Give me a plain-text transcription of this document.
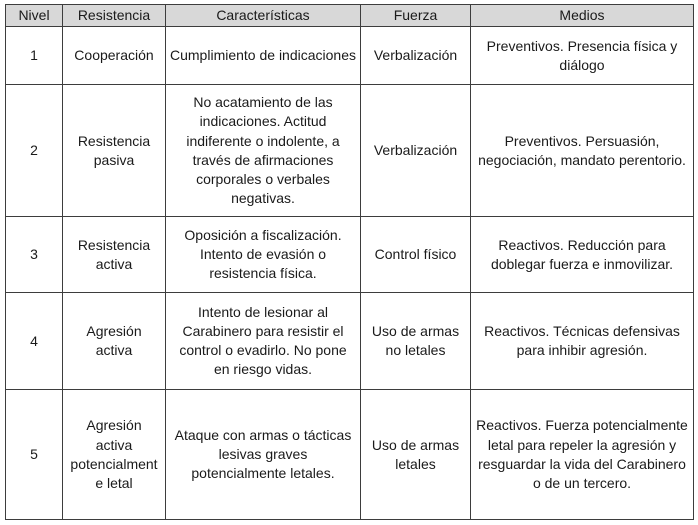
Nivel	Resistencia	Características	Fuerza	Medios
1	Cooperación	Cumplimiento de indicaciones	Verbalización	Preventivos. Presencia física y diálogo
2	Resistencia pasiva	No acatamiento de las indicaciones. Actitud indiferente o indolente, a través de afirmaciones corporales o verbales negativas.	Verbalización	Preventivos. Persuasión, negociación, mandato perentorio.
3	Resistencia activa	Oposición a fiscalización. Intento de evasión o resistencia física.	Control físico	Reactivos. Reducción para doblegar fuerza e inmovilizar.
4	Agresión activa	Intento de lesionar al Carabinero para resistir el control o evadirlo. No pone en riesgo vidas.	Uso de armas no letales	Reactivos. Técnicas defensivas para inhibir agresión.
5	Agresión activa potencialmente letal	Ataque con armas o tácticas lesivas graves potencialmente letales.	Uso de armas letales	Reactivos. Fuerza potencialmente letal para repeler la agresión y resguardar la vida del Carabinero o de un tercero.
